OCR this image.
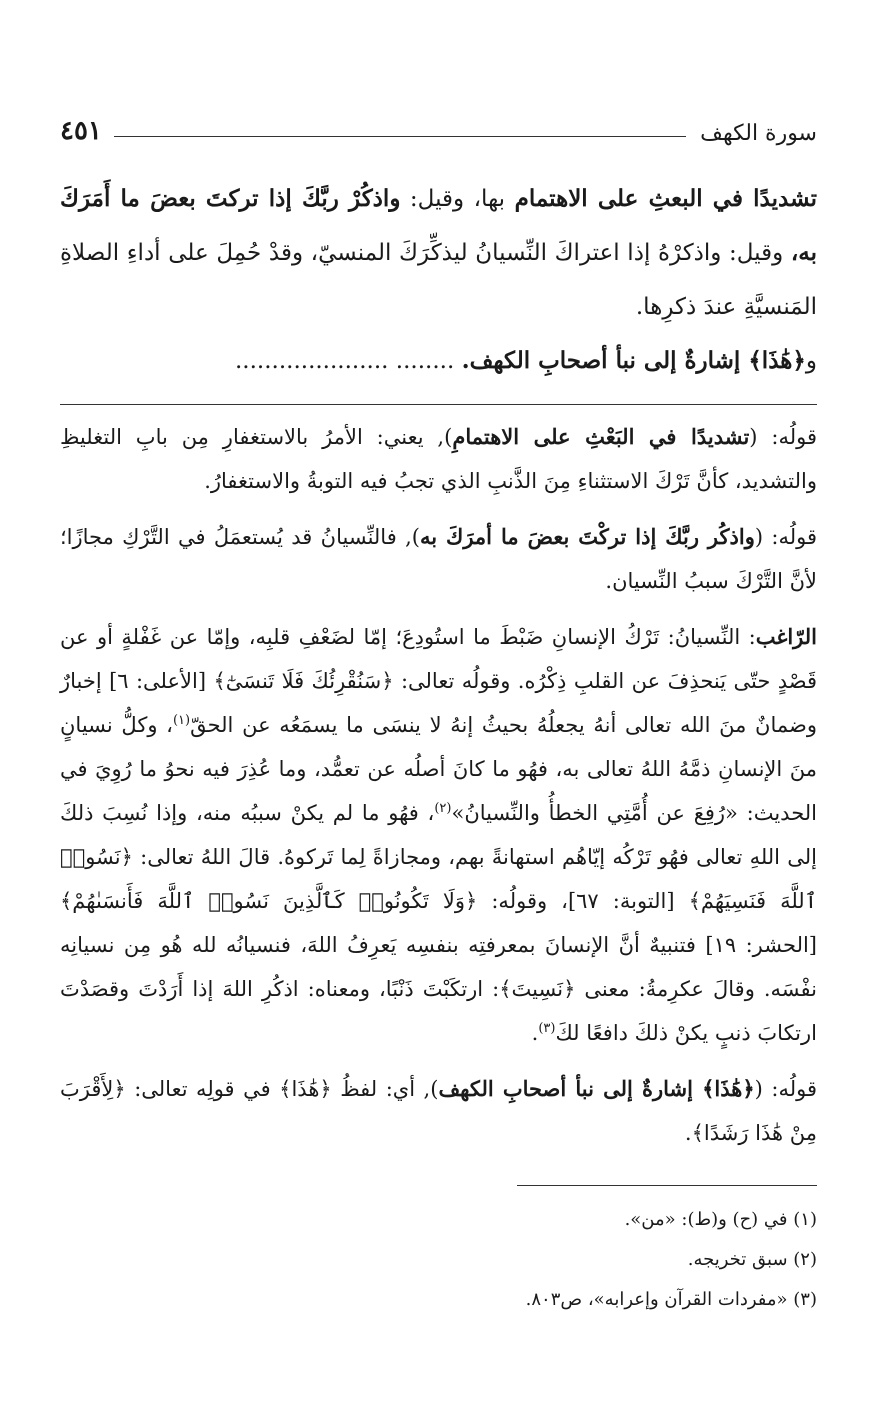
سورة الكهف
٤٥١

تشديدًا في البعثِ على الاهتمام بها، وقيل: واذكُرْ ربَّكَ إذا تركتَ بعضَ ما أَمَرَكَ به، وقيل: واذكرْهُ إذا اعتراكَ النِّسيانُ ليذكِّرَكَ المنسيّ، وقدْ حُمِلَ على أداءِ الصلاةِ المَنسيَّةِ عندَ ذكرِها.

و﴿هَٰذَا﴾ إشارةٌ إلى نبأ أصحابِ الكهف. ........ .....................

قولُه: (تشديدًا في البَعْثِ على الاهتمامِ), يعني: الأمرُ بالاستغفارِ مِن بابِ التغليظِ والتشديد، كأنَّ تَرْكَ الاستثناءِ مِنَ الذَّنبِ الذي تجبُ فيه التوبةُ والاستغفارُ.

قولُه: (واذكُر ربَّكَ إذا تركْتَ بعضَ ما أمرَكَ به), فالنِّسيانُ قد يُستعمَلُ في التَّرْكِ مجازًا؛ لأنَّ التَّرْكَ سببُ النِّسيان.

الرّاغب: النِّسيانُ: تَرْكُ الإنسانِ ضَبْطَ ما استُودِعَ؛ إمّا لضَعْفِ قلبِه، وإمّا عن غَفْلةٍ أو عن قَصْدٍ حتّى يَنحذِفَ عن القلبِ ذِكْرُه. وقولُه تعالى: ﴿سَنُقْرِئُكَ فَلَا تَنسَىٰٓ﴾ [الأعلى: ٦] إخبارٌ وضمانٌ منَ الله تعالى أنهُ يجعلُهُ بحيثُ إنهُ لا ينسَى ما يسمَعُه عن الحقّ$^{(١)}$، وكلُّ نسيانٍ منَ الإنسانِ ذمَّهُ اللهُ تعالى به، فهُو ما كانَ أصلُه عن تعمُّد، وما عُذِرَ فيه نحوُ ما رُوِيَ في الحديث: «رُفِعَ عن أُمَّتِي الخطأُ والنِّسيانُ»$^{(٢)}$، فهُو ما لم يكنْ سببُه منه، وإذا نُسِبَ ذلكَ إلى اللهِ تعالى فهُو تَرْكُه إيّاهُم استهانةً بهم، ومجازاةً لِما تَركوهُ. قالَ اللهُ تعالى: ﴿نَسُوا۟ ٱللَّهَ فَنَسِيَهُمْ﴾ [التوبة: ٦٧]، وقولُه: ﴿وَلَا تَكُونُوا۟ كَٱلَّذِينَ نَسُوا۟ ٱللَّهَ فَأَنسَىٰهُمْ﴾ [الحشر: ١٩] فتنبيهٌ أنَّ الإنسانَ بمعرفتِه بنفسِه يَعرِفُ اللهَ، فنسيانُه لله هُو مِن نسيانِه نفْسَه. وقالَ عكرِمةُ: معنى ﴿نَسِيتَ﴾: ارتكَبْتَ ذَنْبًا، ومعناه: اذكُرِ اللهَ إذا أَرَدْتَ وقصَدْتَ ارتكابَ ذنبٍ يكنْ ذلكَ دافعًا لكَ$^{(٣)}$.

قولُه: (﴿هَٰذَا﴾ إشارةٌ إلى نبأ أصحابِ الكهف), أي: لفظُ ﴿هَٰذَا﴾ في قولِه تعالى: ﴿لِأَقْرَبَ مِنْ هَٰذَا رَشَدًا﴾.

(١) في (ح) و(ط): «من».
(٢) سبق تخريجه.
(٣) «مفردات القرآن وإعرابه»، ص٨٠٣.
